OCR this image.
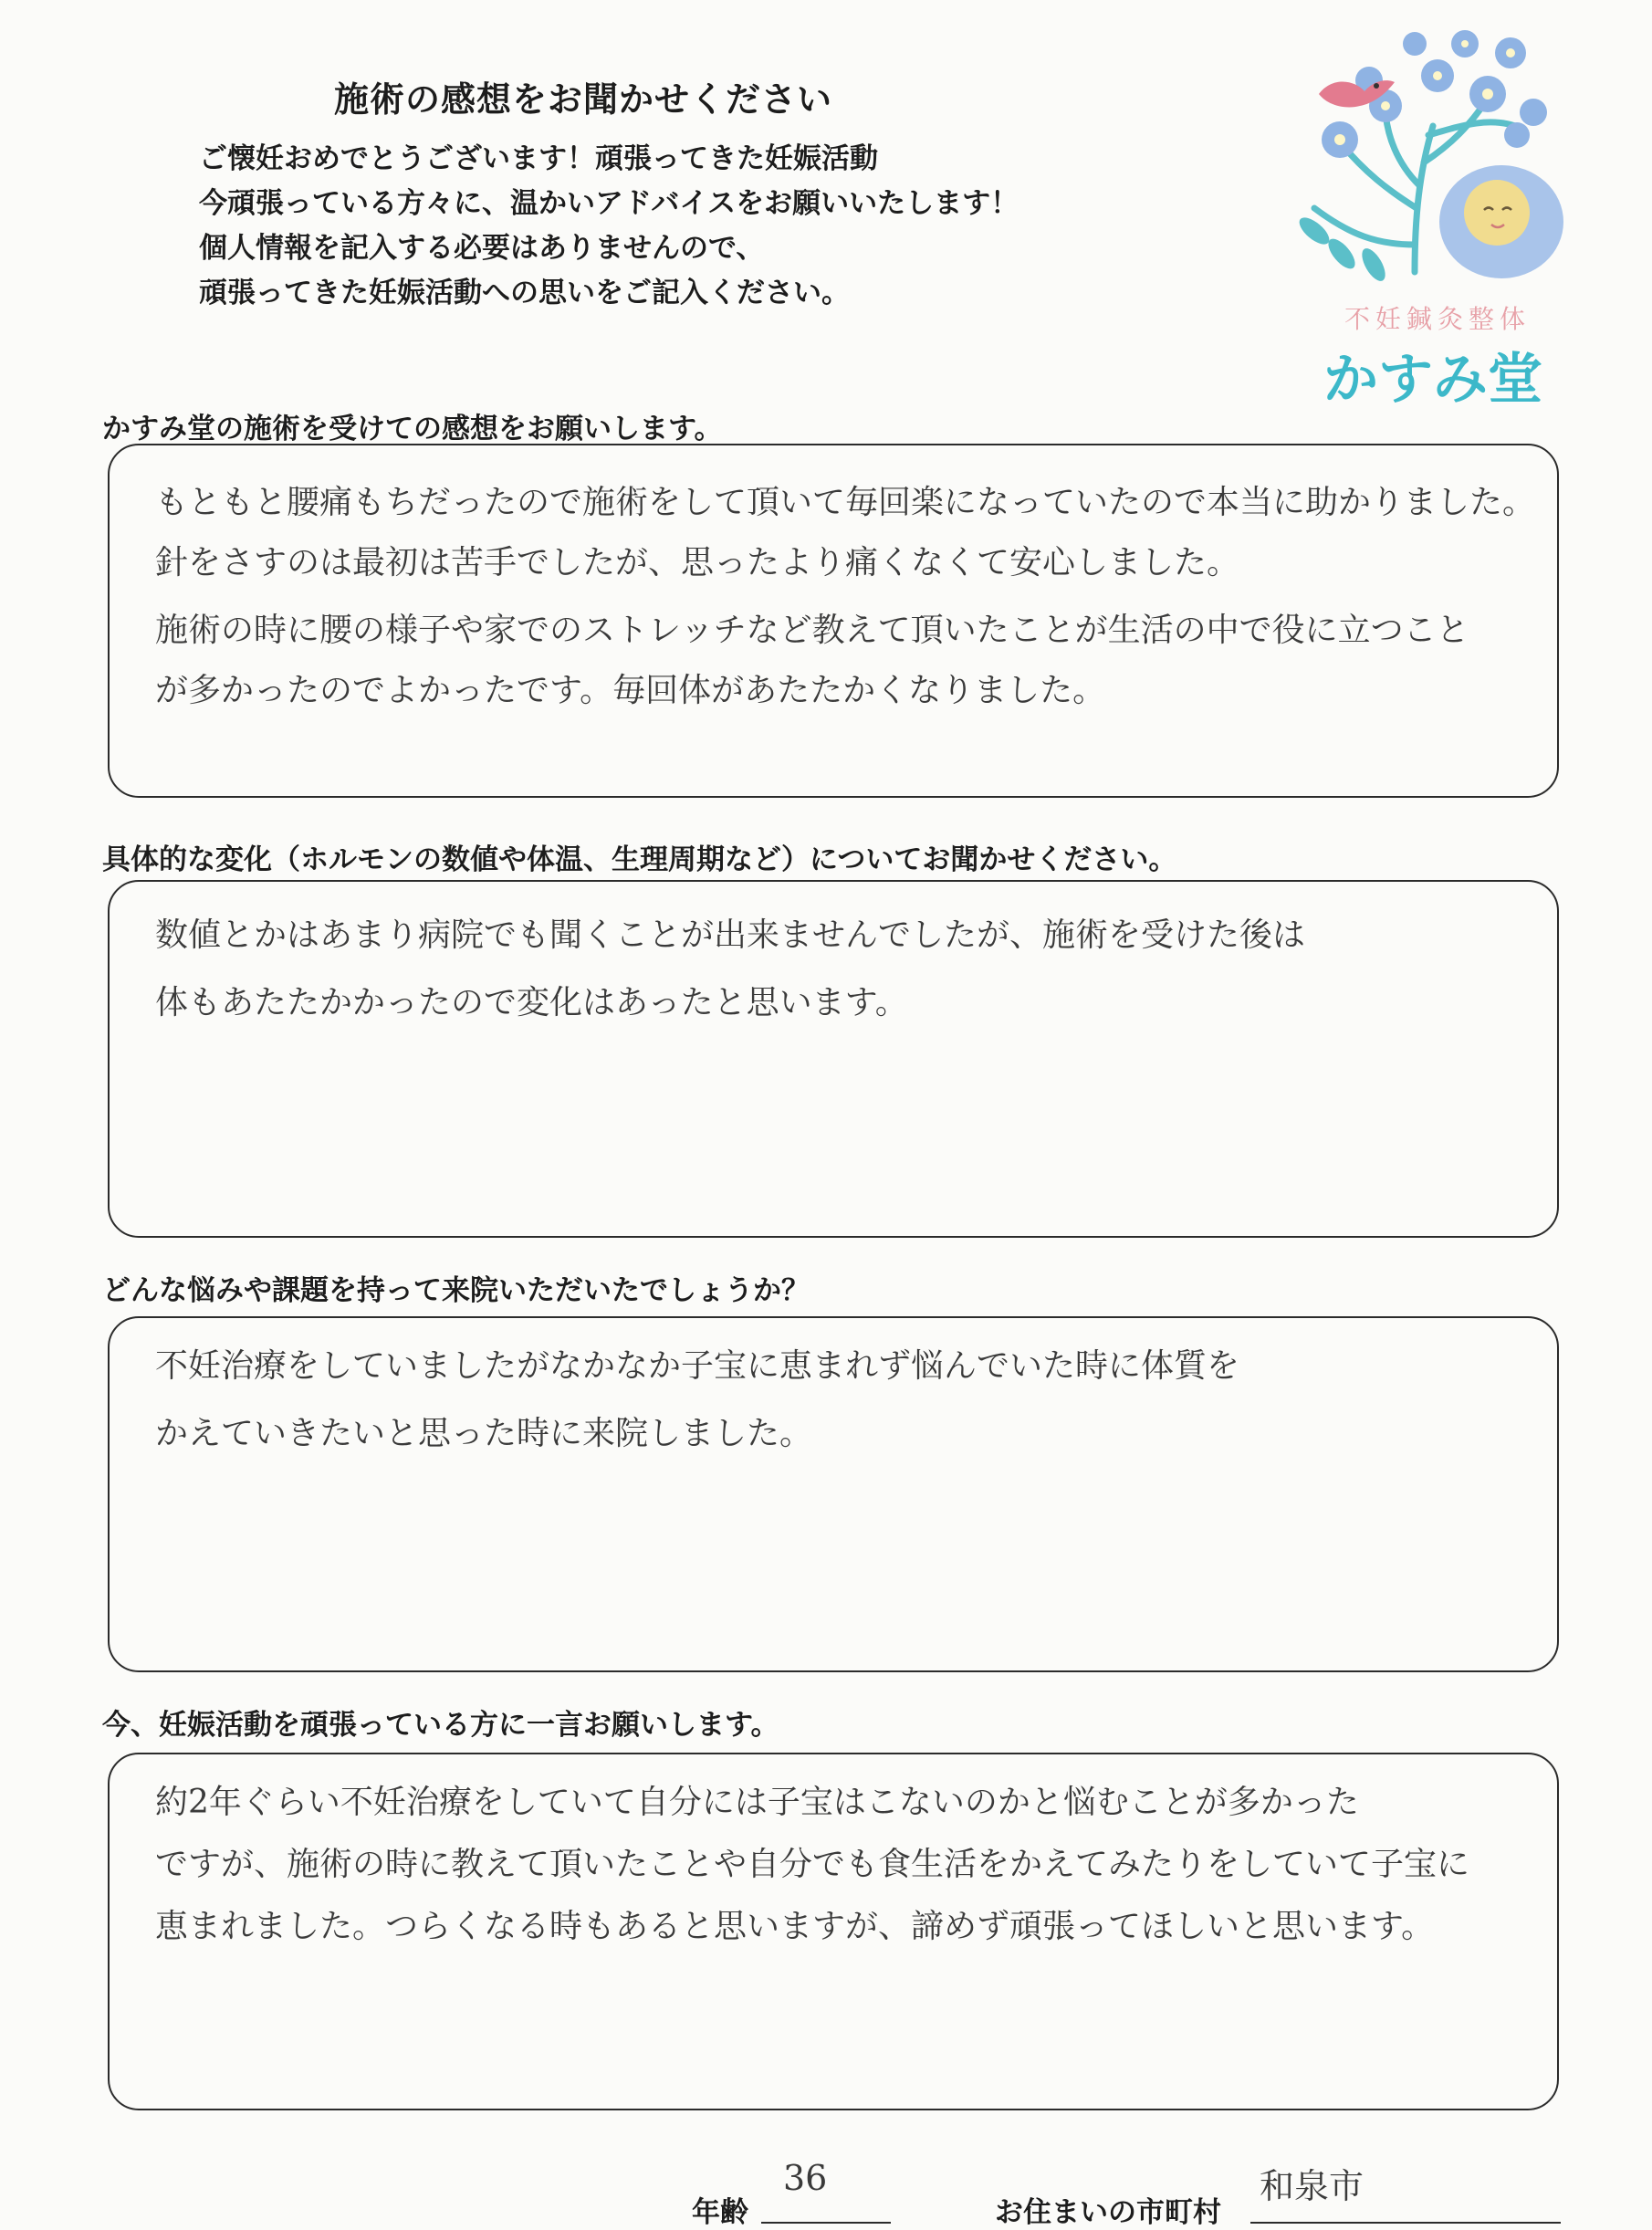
施術の感想をお聞かせください
ご懐妊おめでとうございます！頑張ってきた妊娠活動
今頑張っている方々に、温かいアドバイスをお願いいたします！
個人情報を記入する必要はありませんので、
頑張ってきた妊娠活動への思いをご記入ください。
不妊鍼灸整体
かすみ堂
かすみ堂の施術を受けての感想をお願いします。
もともと腰痛もちだったので施術をして頂いて毎回楽になっていたので本当に助かりました。
針をさすのは最初は苦手でしたが、思ったより痛くなくて安心しました。
施術の時に腰の様子や家でのストレッチなど教えて頂いたことが生活の中で役に立つこと
が多かったのでよかったです。毎回体があたたかくなりました。
具体的な変化（ホルモンの数値や体温、生理周期など）についてお聞かせください。
数値とかはあまり病院でも聞くことが出来ませんでしたが、施術を受けた後は
体もあたたかかったので変化はあったと思います。
どんな悩みや課題を持って来院いただいたでしょうか？
不妊治療をしていましたがなかなか子宝に恵まれず悩んでいた時に体質を
かえていきたいと思った時に来院しました。
今、妊娠活動を頑張っている方に一言お願いします。
約2年ぐらい不妊治療をしていて自分には子宝はこないのかと悩むことが多かった
ですが、施術の時に教えて頂いたことや自分でも食生活をかえてみたりをしていて子宝に
恵まれました。つらくなる時もあると思いますが、諦めず頑張ってほしいと思います。
年齢
36
お住まいの市町村
和泉市
